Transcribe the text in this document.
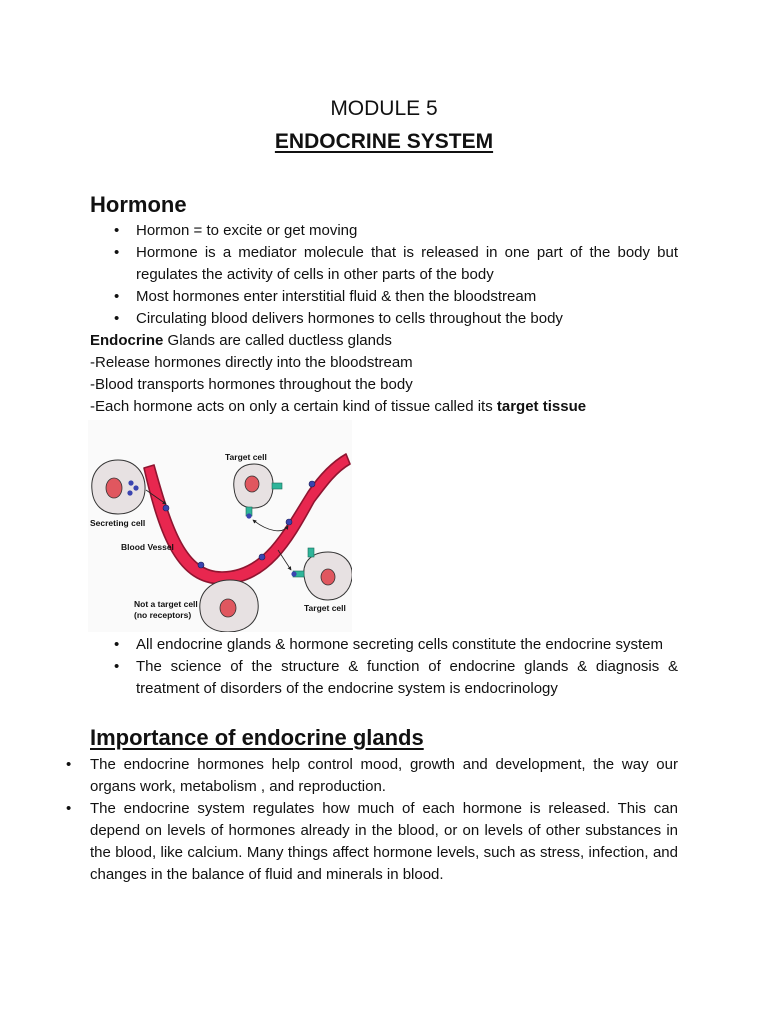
MODULE 5
ENDOCRINE SYSTEM
Hormone
• Hormon = to excite or get moving
• Hormone is a mediator molecule that is released in one part of the body but regulates the activity of cells in other parts of the body
• Most hormones enter interstitial fluid & then the bloodstream
• Circulating blood delivers hormones to cells throughout the body
Endocrine Glands are called ductless glands
-Release hormones directly into the bloodstream
-Blood transports hormones throughout the body
-Each hormone acts on only a certain kind of tissue called its target tissue
Target cell
Secreting cell
Blood Vessel
Not a target cell
(no receptors)
Target cell
• All endocrine glands & hormone secreting cells constitute the endocrine system
• The science of the structure & function of endocrine glands & diagnosis & treatment of disorders of the endocrine system is endocrinology
Importance of endocrine glands
• The endocrine hormones help control mood, growth and development, the way our organs work, metabolism , and reproduction.
• The endocrine system regulates how much of each hormone is released. This can depend on levels of hormones already in the blood, or on levels of other substances in the blood, like calcium. Many things affect hormone levels, such as stress, infection, and changes in the balance of fluid and minerals in blood.
